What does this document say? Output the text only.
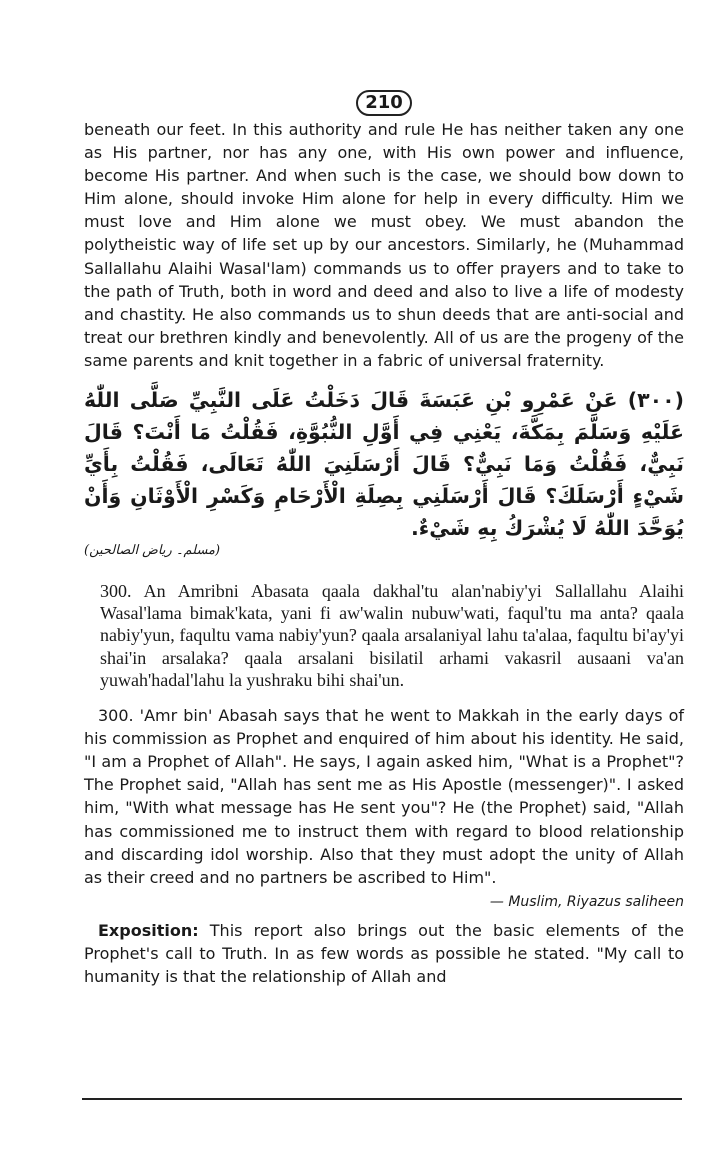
210

beneath our feet. In this authority and rule He has neither taken any one as His partner, nor has any one, with His own power and influence, become His partner. And when such is the case, we should bow down to Him alone, should invoke Him alone for help in every difficulty. Him we must love and Him alone we must obey. We must abandon the polytheistic way of life set up by our ancestors. Similarly, he (Muhammad Sallallahu Alaihi Wasal'lam) commands us to offer prayers and to take to the path of Truth, both in word and deed and also to live a life of modesty and chastity. He also commands us to shun deeds that are anti-social and treat our brethren kindly and benevolently. All of us are the progeny of the same parents and knit together in a fabric of universal fraternity.

(٣٠٠) عَنْ عَمْرِو بْنِ عَبَسَةَ قَالَ دَخَلْتُ عَلَى النَّبِيِّ صَلَّى اللّٰهُ عَلَيْهِ وَسَلَّمَ بِمَكَّةَ، يَعْنِي فِي أَوَّلِ النُّبُوَّةِ، فَقُلْتُ مَا أَنْتَ؟ قَالَ نَبِيٌّ، فَقُلْتُ وَمَا نَبِيٌّ؟ قَالَ أَرْسَلَنِيَ اللّٰهُ تَعَالَى، فَقُلْتُ بِأَيِّ شَيْءٍ أَرْسَلَكَ؟ قَالَ أَرْسَلَنِي بِصِلَةِ الْأَرْحَامِ وَكَسْرِ الْأَوْثَانِ وَأَنْ يُوَحَّدَ اللّٰهُ لَا يُشْرَكُ بِهِ شَيْءٌ.
(مسلم۔ ریاض الصالحین)

300. An Amribni Abasata qaala dakhal'tu alan'nabiy'yi Sallallahu Alaihi Wasal'lama bimak'kata, yani fi aw'walin nubuw'wati, faqul'tu ma anta? qaala nabiy'yun, faqultu vama nabiy'yun? qaala arsalaniyal lahu ta'alaa, faqultu bi'ay'yi shai'in arsalaka? qaala arsalani bisilatil arhami vakasril ausaani va'an yuwah'hadal'lahu la yushraku bihi shai'un.

300. 'Amr bin' Abasah says that he went to Makkah in the early days of his commission as Prophet and enquired of him about his identity. He said, "I am a Prophet of Allah". He says, I again asked him, "What is a Prophet"? The Prophet said, "Allah has sent me as His Apostle (messenger)". I asked him, "With what message has He sent you"? He (the Prophet) said, "Allah has commissioned me to instruct them with regard to blood relationship and discarding idol worship. Also that they must adopt the unity of Allah as their creed and no partners be ascribed to Him".

— Muslim, Riyazus saliheen

Exposition: This report also brings out the basic elements of the Prophet's call to Truth. In as few words as possible he stated. "My call to humanity is that the relationship of Allah and
